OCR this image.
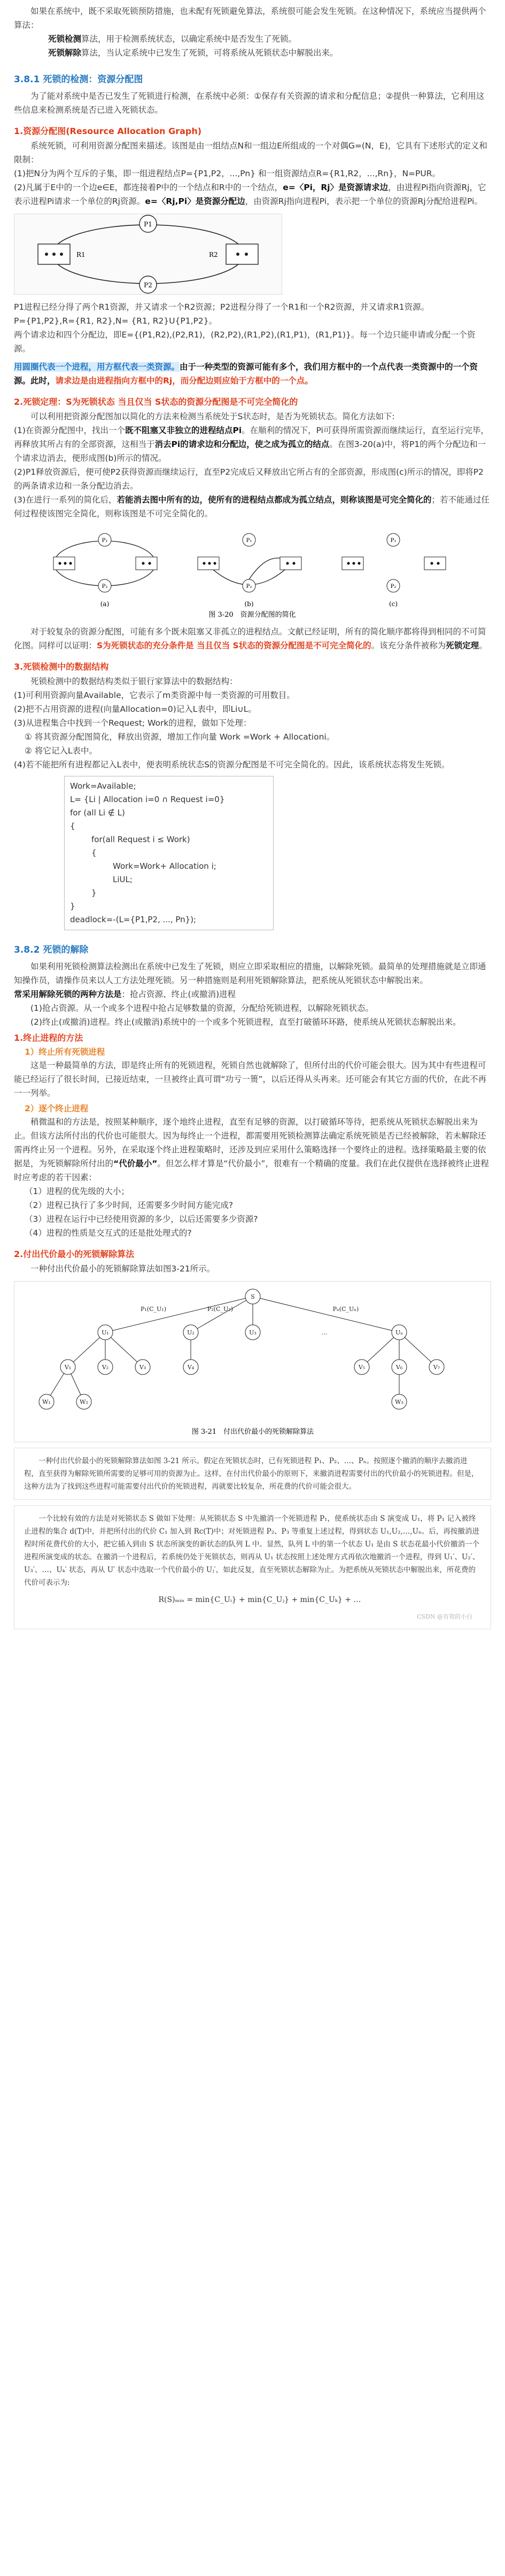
如果在系统中，既不采取死锁预防措施，也未配有死锁避免算法，系统很可能会发生死锁。在这种情况下，系统应当提供两个算法：

死锁检测算法，用于检测系统状态，以确定系统中是否发生了死锁。

死锁解除算法，当认定系统中已发生了死锁，可将系统从死锁状态中解脱出来。

3.8.1 死锁的检测：资源分配图

为了能对系统中是否已发生了死锁进行检测，在系统中必须：①保存有关资源的请求和分配信息；②提供一种算法，它利用这些信息来检测系统是否已进入死锁状态。

1.资源分配图(Resource Allocation Graph)

系统死锁，可利用资源分配图来描述。该图是由一组结点N和一组边E所组成的一个对偶G=(N，E)，它具有下述形式的定义和限制：

(1)把N分为两个互斥的子集，即一组进程结点P={P1,P2，...,Pn} 和一组资源结点R={R1,R2，...,Rn}，N=PUR。

(2)凡属于E中的一个边e∈E，都连接着P中的一个结点和R中的一个结点，e=〈Pi，Rj〉是资源请求边，由进程Pi指向资源Rj，它表示进程Pi请求一个单位的Rj资源。e=〈Rj,Pi〉是资源分配边，由资源Rj指向进程Pi，表示把一个单位的资源Rj分配给进程Pi。

P1
P2
R1	R2

P1进程已经分得了两个R1资源，并又请求一个R2资源；P2进程分得了一个R1和一个R2资源，并又请求R1资源。

P={P1,P2},R={R1, R2},N= {R1, R2}U{P1,P2}。

两个请求边和四个分配边，即E={(P1,R2),(P2,R1)，(R2,P2),(R1,P2),(R1,P1)，(R1,P1)}。每一个边只能申请或分配一个资源。

用圆圈代表一个进程，用方框代表一类资源。由于一种类型的资源可能有多个，我们用方框中的一个点代表一类资源中的一个资源。此时，请求边是由进程指向方框中的Rj，而分配边则应始于方框中的一个点。

2.死锁定理：S为死锁状态 当且仅当 S状态的资源分配图是不可完全简化的

可以利用把资源分配图加以简化的方法来检测当系统处于S状态时，是否为死锁状态。简化方法如下:

(1)在资源分配图中，找出一个既不阻塞又非独立的进程结点Pi。在顺利的情况下，Pi可获得所需资源而继续运行，直至运行完毕，再释放其所占有的全部资源，这相当于消去Pi的请求边和分配边，使之成为孤立的结点。在图3-20(a)中，将P1的两个分配边和一个请求边消去，便形成图(b)所示的情况。

(2)P1释放资源后，便可使P2获得资源而继续运行，直至P2完成后又释放出它所占有的全部资源，形成图(c)所示的情况，即将P2的两条请求边和一条分配边消去。

(3)在进行一系列的简化后，若能消去图中所有的边，使所有的进程结点都成为孤立结点，则称该图是可完全简化的；若不能通过任何过程使该图完全简化，则称该图是不可完全简化的。

P₁
P₂
(a)
P₁
P₂
(b)
P₁
P₂
(c)
图 3-20　资源分配图的简化

对于较复杂的资源分配图，可能有多个既未阻塞又非孤立的进程结点。文献已经证明，所有的简化顺序都将得到相同的不可简化图。同样可以证明：S为死锁状态的充分条件是 当且仅当 S状态的资源分配图是不可完全简化的。该充分条件被称为死锁定理。

3.死锁检测中的数据结构

死锁检测中的数据结构类似于银行家算法中的数据结构：

(1)可利用资源向量Available，它表示了m类资源中每一类资源的可用数目。

(2)把不占用资源的进程(向量Allocation=0)记入L表中，即Li∪L。

(3)从进程集合中找到一个Request; Work的进程，做如下处理：

① 将其资源分配图简化，释放出资源，增加工作向量 Work =Work + Allocationi。

② 将它记入L表中。

(4)若不能把所有进程都记入L表中，便表明系统状态S的资源分配图是不可完全简化的。因此，该系统状态将发生死锁。

Work=Available;
L= {Li | Allocation i=0 ∩ Request i=0}
for (all Li ∉ L)
{
for(all Request i ≤ Work)
{
Work=Work+ Allocation i;
LiUL;
}
}
deadlock=-(L={P1,P2, ..., Pn});
3.8.2 死锁的解除

如果利用死锁检测算法检测出在系统中已发生了死锁，则应立即采取相应的措施，以解除死锁。最简单的处理措施就是立即通知操作员，请操作员来以人工方法处理死锁。另一种措施则是利用死锁解除算法，把系统从死锁状态中解脱出来。

常采用解除死锁的两种方法是：抢占资源、终止(或撤消)进程

(1)抢占资源。从一个或多个进程中抢占足够数量的资源，分配给死锁进程，以解除死锁状态。

(2)终止(或撤消)进程。终止(或撤消)系统中的一个或多个死锁进程，直至打破循环环路，使系统从死锁状态解脱出来。

1.终止进程的方法
1）终止所有死锁进程

这是一种最简单的方法，即是终止所有的死锁进程，死锁自然也就解除了，但所付出的代价可能会很大。因为其中有些进程可能已经运行了很长时间，已接近结束，一旦被终止真可谓“功亏一篑”，以后还得从头再来。还可能会有其它方面的代价，在此不再一一列举。

2）逐个终止进程

稍微温和的方法是，按照某种顺序，逐个地终止进程，直至有足够的资源，以打破循环等待，把系统从死锁状态解脱出来为止。但该方法所付出的代价也可能很大。因为每终止一个进程，都需要用死锁检测算法确定系统死锁是否已经被解除，若未解除还需再终止另一个进程。另外，在采取逐个终止进程策略时，还涉及到应采用什么策略选择一个要终止的进程。选择策略最主要的依据是，为死锁解除所付出的“代价最小”。但怎么样才算是“代价最小”，很难有一个精确的度量。我们在此仅提供在选择被终止进程时应考虑的若干因素：

（1）进程的优先级的大小；
（2）进程已执行了多少时间，还需要多少时间方能完成?
（3）进程在运行中已经使用资源的多少，以后还需要多少资源?
（4）进程的性质是交互式的还是批处理式的?
2.付出代价最小的死锁解除算法

一种付出代价最小的死锁解除算法如图3-21所示。

S
U₁	U₂	U₃	…	Uₙ
P₁(C_U₁)	P₂(C_U₂)	Pₙ(C_Uₙ)
V₁	V₂	V₃	V₄	V₅	V₆	V₇
W₁	W₂	W₃
图 3-21　付出代价最小的死锁解除算法
一种付出代价最小的死锁解除算法如图 3-21 所示。假定在死锁状态时，已有死锁进程 P₁、P₂、…、Pₙ。按照逐个撤消的顺序去撤消进程，直至获得为解除死锁所需要的足够可用的资源为止。这样，在付出代价最小的原则下，来撤消进程需要付出的代价最小的死锁进程。但是，这种方法为了找到这些进程可能需要付出代价的死锁进程，再就要比较复杂，所花费的代价可能会很大。
一个比较有效的方法是对死锁状态 S 做如下处理：从死锁状态 S 中先撤消一个死锁进程 P₁，使系统状态由 S 演变成 U₁，将 P₁ 记入被终止进程的集合 d(T)中，并把所付出的代价 C₁ 加入到 Rc(T)中；对死锁进程 P₂、P₃ 等重复上述过程，得到状态 U₁,U₂,…,Uₙ。后，再按撤消进程时所花费代价的大小，把它插入到由 S 状态所演变的新状态的队列 L 中。显然，队列 L 中的第一个状态 U₁ 是由 S 状态花最小代价撤消一个进程所演变成的状态。在撤消一个进程后，若系统仍处于死锁状态，则再从 U₁ 状态按照上述处理方式再依次地撤消一个进程，得到 U₁′、U₂′、U₃′、…、Uₖ′ 状态，再从 U′ 状态中选取一个代价最小的 Uⱼ′，如此反复，直至死锁状态解除为止。为把系统从死锁状态中解脱出来，所花费的代价可表示为:
R(S)ₘᵢₙ = min{C_Uᵢ} + min{C_Uⱼ} + min{C_Uₖ} + …
CSDN @有效的小白
